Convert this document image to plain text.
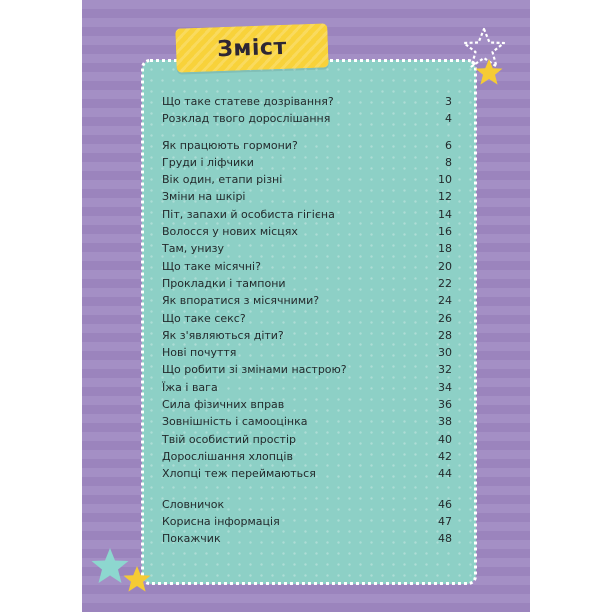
Зміст
Що таке статеве дозрівання?	3
Розклад твого дорослішання	4
Як працюють гормони?	6
Груди і ліфчики	8
Вік один, етапи різні	10
Зміни на шкірі	12
Піт, запахи й особиста гігієна	14
Волосся у нових місцях	16
Там, унизу	18
Що таке місячні?	20
Прокладки і тампони	22
Як впоратися з місячними?	24
Що таке секс?	26
Як з'являються діти?	28
Нові почуття	30
Що робити зі змінами настрою?	32
Їжа і вага	34
Сила фізичних вправ	36
Зовнішність і самооцінка	38
Твій особистий простір	40
Дорослішання хлопців	42
Хлопці теж переймаються	44
Словничок	46
Корисна інформація	47
Покажчик	48
